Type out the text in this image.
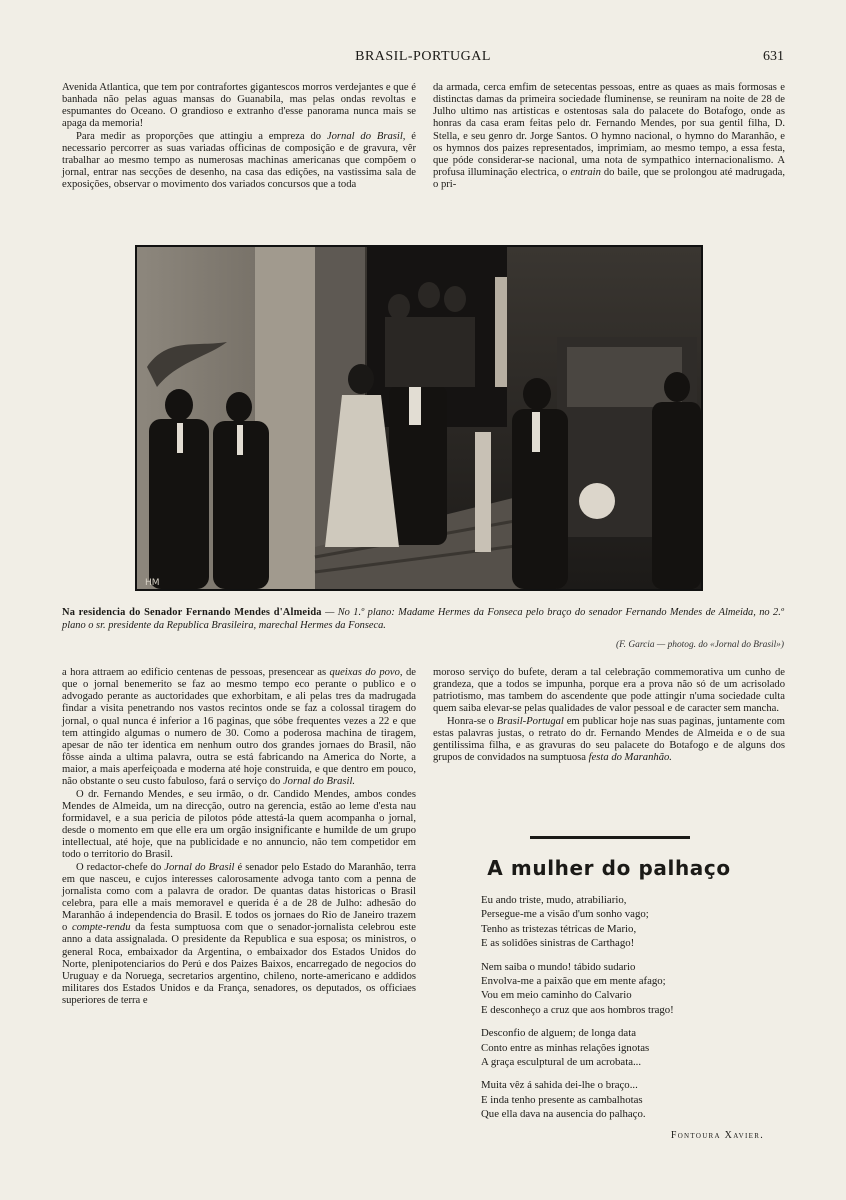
BRASIL-PORTUGAL	631

Avenida Atlantica, que tem por contrafortes gigantescos morros verdejantes e que é banhada não pelas aguas mansas do Guanabila, mas pelas ondas revoltas e espumantes do Oceano. O grandioso e extranho d'esse panorama nunca mais se apaga da memoria!

Para medir as proporções que attingiu a empreza do Jornal do Brasil, é necessario percorrer as suas variadas officinas de composição e de gravura, vêr trabalhar ao mesmo tempo as numerosas machinas americanas que compõem o jornal, entrar nas secções de desenho, na casa das edições, na vastissima sala de exposições, observar o movimento dos variados concursos que a toda

da armada, cerca emfim de setecentas pessoas, entre as quaes as mais formosas e distinctas damas da primeira sociedade fluminense, se reuniram na noite de 28 de Julho ultimo nas artisticas e ostentosas sala do palacete do Botafogo, onde as honras da casa eram feitas pelo dr. Fernando Mendes, por sua gentil filha, D. Stella, e seu genro dr. Jorge Santos. O hymno nacional, o hymno do Maranhão, e os hymnos dos paizes representados, imprimiam, ao mesmo tempo, a essa festa, que póde considerar-se nacional, uma nota de sympathico internacionalismo. A profusa illuminação electrica, o entrain do baile, que se prolongou até madrugada, o pri-

HM
Na residencia do Senador Fernando Mendes d'Almeida — No 1.º plano: Madame Hermes da Fonseca pelo braço do senador Fernando Mendes de Almeida, no 2.º plano o sr. presidente da Republica Brasileira, marechal Hermes da Fonseca.
(F. Garcia — photog. do «Jornal do Brasil»)

a hora attraem ao edificio centenas de pessoas, presencear as queixas do povo, de que o jornal benemerito se faz ao mesmo tempo eco perante o publico e o advogado perante as auctoridades que exhorbitam, e ali pelas tres da madrugada findar a visita penetrando nos vastos recintos onde se faz a colossal tiragem do jornal, o qual nunca é inferior a 16 paginas, que sóbe frequentes vezes a 22 e que tem attingido algumas o numero de 30. Como a poderosa machina de tiragem, apesar de não ter identica em nenhum outro dos grandes jornaes do Brasil, não fôsse ainda a ultima palavra, outra se está fabricando na America do Norte, a maior, a mais aperfeiçoada e moderna até hoje construida, e que dentro em pouco, não obstante o seu custo fabuloso, fará o serviço do Jornal do Brasil.

O dr. Fernando Mendes, e seu irmão, o dr. Candido Mendes, ambos condes Mendes de Almeida, um na direcção, outro na gerencia, estão ao leme d'esta nau formidavel, e a sua pericia de pilotos póde attestá-la quem acompanha o jornal, desde o momento em que elle era um orgão insignificante e humilde de um grupo intellectual, até hoje, que na publicidade e no annuncio, não tem competidor em todo o territorio do Brasil.

O redactor-chefe do Jornal do Brasil é senador pelo Estado do Maranhão, terra em que nasceu, e cujos interesses calorosamente advoga tanto com a penna de jornalista como com a palavra de orador. De quantas datas historicas o Brasil celebra, para elle a mais memoravel e querida é a de 28 de Julho: adhesão do Maranhão á independencia do Brasil. E todos os jornaes do Rio de Janeiro trazem o compte-rendu da festa sumptuosa com que o senador-jornalista celebrou este anno a data assignalada. O presidente da Republica e sua esposa; os ministros, o general Roca, embaixador da Argentina, o embaixador dos Estados Unidos do Norte, plenipotenciarios do Perú e dos Paizes Baixos, encarregado de negocios do Uruguay e da Noruega, secretarios argentino, chileno, norte-americano e addidos militares dos Estados Unidos e da França, senadores, os deputados, os officiaes superiores de terra e

moroso serviço do bufete, deram a tal celebração commemorativa um cunho de grandeza, que a todos se impunha, porque era a prova não só de um acrisolado patriotismo, mas tambem do ascendente que pode attingir n'uma sociedade culta quem saiba elevar-se pelas qualidades de valor pessoal e de caracter sem mancha.

Honra-se o Brasil-Portugal em publicar hoje nas suas paginas, juntamente com estas palavras justas, o retrato do dr. Fernando Mendes de Almeida e o de sua gentilissima filha, e as gravuras do seu palacete do Botafogo e de alguns dos grupos de convidados na sumptuosa festa do Maranhão.

A mulher do palhaço
Eu ando triste, mudo, atrabiliario,
Persegue-me a visão d'um sonho vago;
Tenho as tristezas tétricas de Mario,
E as solidões sinistras de Carthago!
Nem saiba o mundo! tábido sudario
Envolva-me a paixão que em mente afago;
Vou em meio caminho do Calvario
E desconheço a cruz que aos hombros trago!
Desconfio de alguem; de longa data
Conto entre as minhas relações ignotas
A graça esculptural de um acrobata...
Muita vêz á sahida dei-lhe o braço...
E inda tenho presente as cambalhotas
Que ella dava na ausencia do palhaço.
Fontoura Xavier.
